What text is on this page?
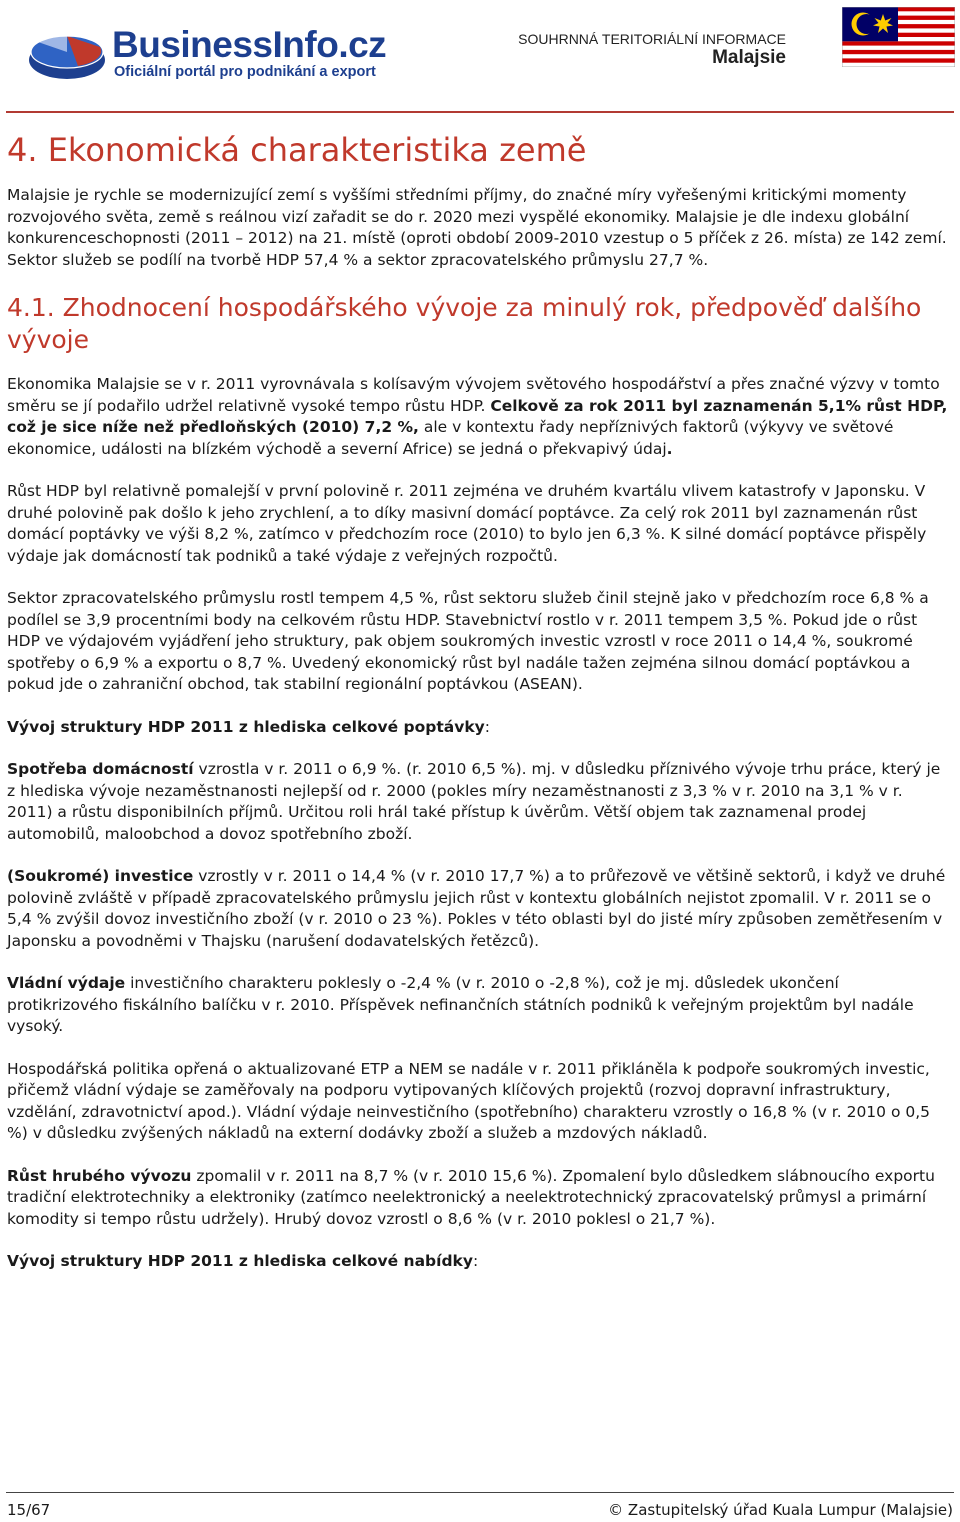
BusinessInfo.cz
Oficiální portál pro podnikání a export
SOUHRNNÁ TERITORIÁLNÍ INFORMACE
Malajsie
4. Ekonomická charakteristika země

Malajsie je rychle se modernizující zemí s vyššími středními příjmy, do značné míry vyřešenými kritickými momenty rozvojového světa, země s reálnou vizí zařadit se do r. 2020 mezi vyspělé ekonomiky. Malajsie je dle indexu globální konkurenceschopnosti (2011 – 2012) na 21. místě (oproti období 2009-2010 vzestup o 5 příček z 26. místa) ze 142 zemí. Sektor služeb se podílí na tvorbě HDP 57,4 % a sektor zpracovatelského průmyslu 27,7 %.

4.1. Zhodnocení hospodářského vývoje za minulý rok, předpověď dalšího vývoje

Ekonomika Malajsie se v r. 2011 vyrovnávala s kolísavým vývojem světového hospodářství a přes značné výzvy v tomto směru se jí podařilo udržel relativně vysoké tempo růstu HDP. Celkově za rok 2011 byl zaznamenán 5,1% růst HDP, což je sice níže než předloňských (2010) 7,2 %, ale v kontextu řady nepříznivých faktorů (výkyvy ve světové ekonomice, události na blízkém východě a severní Africe) se jedná o překvapivý údaj.

Růst HDP byl relativně pomalejší v první polovině r. 2011 zejména ve druhém kvartálu vlivem katastrofy v Japonsku. V druhé polovině pak došlo k jeho zrychlení, a to díky masivní domácí poptávce. Za celý rok 2011 byl zaznamenán růst domácí poptávky ve výši 8,2 %, zatímco v předchozím roce (2010) to bylo jen 6,3 %. K silné domácí poptávce přispěly výdaje jak domácností tak podniků a také výdaje z veřejných rozpočtů.

Sektor zpracovatelského průmyslu rostl tempem 4,5 %, růst sektoru služeb činil stejně jako v předchozím roce 6,8 % a podílel se 3,9 procentními body na celkovém růstu HDP. Stavebnictví rostlo v r. 2011 tempem 3,5 %. Pokud jde o růst HDP ve výdajovém vyjádření jeho struktury, pak objem soukromých investic vzrostl v roce 2011 o 14,4 %, soukromé spotřeby o 6,9 % a exportu o 8,7 %. Uvedený ekonomický růst byl nadále tažen zejména silnou domácí poptávkou a pokud jde o zahraniční obchod, tak stabilní regionální poptávkou (ASEAN).

Vývoj struktury HDP 2011 z hlediska celkové poptávky:

Spotřeba domácností vzrostla v r. 2011 o 6,9 %. (r. 2010 6,5 %). mj. v důsledku příznivého vývoje trhu práce, který je z hlediska vývoje nezaměstnanosti nejlepší od r. 2000 (pokles míry nezaměstnanosti z 3,3 % v r. 2010 na 3,1 % v r. 2011) a růstu disponibilních příjmů. Určitou roli hrál také přístup k úvěrům. Větší objem tak zaznamenal prodej automobilů, maloobchod a dovoz spotřebního zboží.

(Soukromé) investice vzrostly v r. 2011 o 14,4 % (v r. 2010 17,7 %) a to průřezově ve většině sektorů, i když ve druhé polovině zvláště v případě zpracovatelského průmyslu jejich růst v kontextu globálních nejistot zpomalil. V r. 2011 se o 5,4 % zvýšil dovoz investičního zboží (v r. 2010 o 23 %). Pokles v této oblasti byl do jisté míry způsoben zemětřesením v Japonsku a povodněmi v Thajsku (narušení dodavatelských řetězců).

Vládní výdaje investičního charakteru poklesly o -2,4 % (v r. 2010 o -2,8 %), což je mj. důsledek ukončení protikrizového fiskálního balíčku v r. 2010. Příspěvek nefinančních státních podniků k veřejným projektům byl nadále vysoký.

Hospodářská politika opřená o aktualizované ETP a NEM se nadále v r. 2011 přikláněla k podpoře soukromých investic, přičemž vládní výdaje se zaměřovaly na podporu vytipovaných klíčových projektů (rozvoj dopravní infrastruktury, vzdělání, zdravotnictví apod.). Vládní výdaje neinvestičního (spotřebního) charakteru vzrostly o 16,8 % (v r. 2010 o 0,5 %) v důsledku zvýšených nákladů na externí dodávky zboží a služeb a mzdových nákladů.

Růst hrubého vývozu zpomalil v r. 2011 na 8,7 % (v r. 2010 15,6 %). Zpomalení bylo důsledkem slábnoucího exportu tradiční elektrotechniky a elektroniky (zatímco neelektronický a neelektrotechnický zpracovatelský průmysl a primární komodity si tempo růstu udržely). Hrubý dovoz vzrostl o 8,6 % (v r. 2010 poklesl o 21,7 %).

Vývoj struktury HDP 2011 z hlediska celkové nabídky:

15/67	© Zastupitelský úřad Kuala Lumpur (Malajsie)
